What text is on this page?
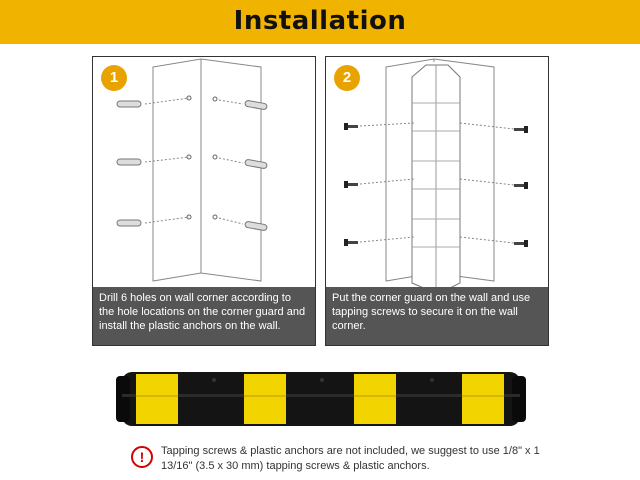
Installation
1
Drill 6 holes on wall corner according to the hole locations on the corner guard and install the plastic anchors on the wall.
2
Put the corner guard on the wall and use tapping screws to secure it on the wall corner.
!	Tapping screws & plastic anchors are not included, we suggest to use 1/8" x 1 13/16" (3.5 x 30 mm) tapping screws & plastic anchors.
